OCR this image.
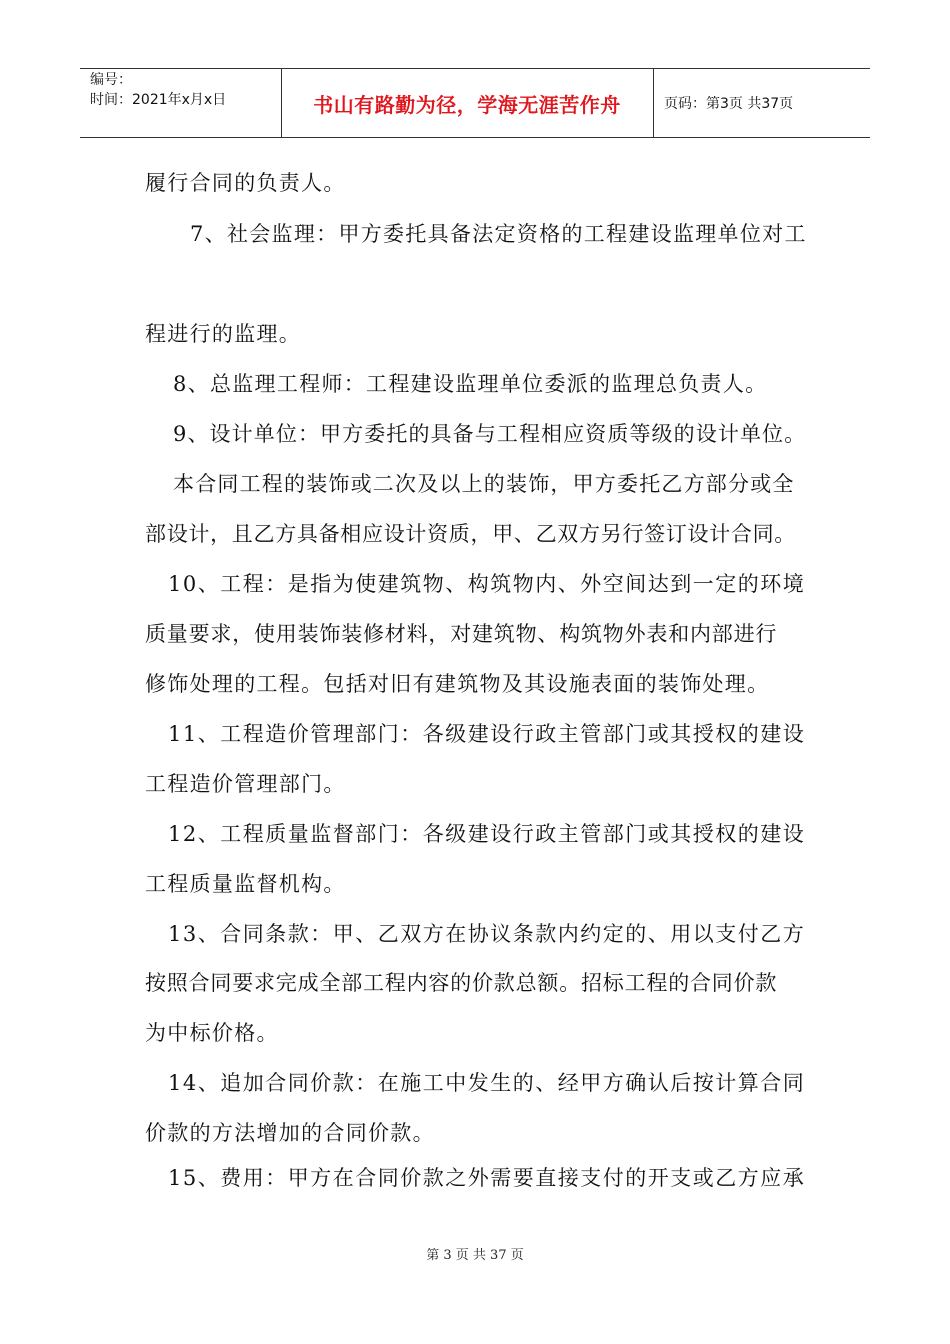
编号：
时间：2021年x月x日	书山有路勤为径，学海无涯苦作舟	页码：第3页 共37页
履行合同的负责人。
7、社会监理：甲方委托具备法定资格的工程建设监理单位对工
程进行的监理。
8、总监理工程师：工程建设监理单位委派的监理总负责人。
9、设计单位：甲方委托的具备与工程相应资质等级的设计单位。
本合同工程的装饰或二次及以上的装饰，甲方委托乙方部分或全
部设计，且乙方具备相应设计资质，甲、乙双方另行签订设计合同。
10、工程：是指为使建筑物、构筑物内、外空间达到一定的环境
质量要求，使用装饰装修材料，对建筑物、构筑物外表和内部进行
修饰处理的工程。包括对旧有建筑物及其设施表面的装饰处理。
11、工程造价管理部门：各级建设行政主管部门或其授权的建设
工程造价管理部门。
12、工程质量监督部门：各级建设行政主管部门或其授权的建设
工程质量监督机构。
13、合同条款：甲、乙双方在协议条款内约定的、用以支付乙方
按照合同要求完成全部工程内容的价款总额。招标工程的合同价款
为中标价格。
14、追加合同价款：在施工中发生的、经甲方确认后按计算合同
价款的方法增加的合同价款。
15、费用：甲方在合同价款之外需要直接支付的开支或乙方应承
第 3 页 共 37 页
